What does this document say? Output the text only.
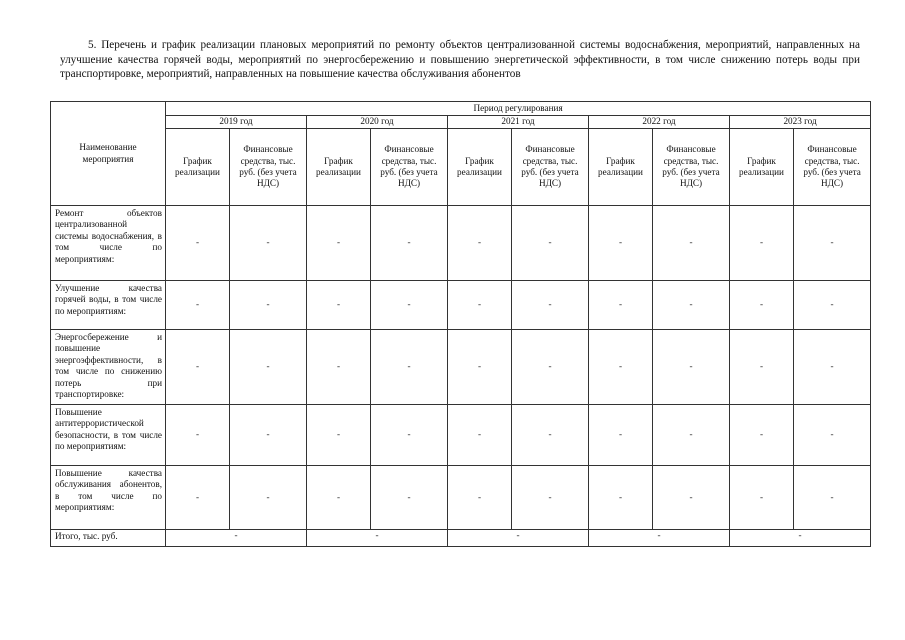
5. Перечень и график реализации плановых мероприятий по ремонту объектов централизованной системы водоснабжения, мероприятий, направленных на улучшение качества горячей воды, мероприятий по энергосбережению и повышению энергетической эффективности, в том числе снижению потерь воды при транспортировке, мероприятий, направленных на повышение качества обслуживания абонентов
Наименование мероприятия	Период регулирования									
	2019 год		2020 год		2021 год		2022 год		2023 год	
	График реализации	Финансовые средства, тыс. руб. (без учета НДС)	График реализации	Финансовые средства, тыс. руб. (без учета НДС)	График реализации	Финансовые средства, тыс. руб. (без учета НДС)	График реализации	Финансовые средства, тыс. руб. (без учета НДС)	График реализации	Финансовые средства, тыс. руб. (без учета НДС)
Ремонт объектов централизованной системы водоснабжения, в том числе по мероприятиям:	-	-	-	-	-	-	-	-	-	-
Улучшение качества горячей воды, в том числе по мероприятиям:	-	-	-	-	-	-	-	-	-	-
Энергосбережение и повышение энергоэффективности, в том числе по снижению потерь при транспортировке:	-	-	-	-	-	-	-	-	-	-
Повышение антитеррористической безопасности, в том числе по мероприятиям:	-	-	-	-	-	-	-	-	-	-
Повышение качества обслуживания абонентов, в том числе по мероприятиям:	-	-	-	-	-	-	-	-	-	-
Итого, тыс. руб.	-		-		-		-		-	
